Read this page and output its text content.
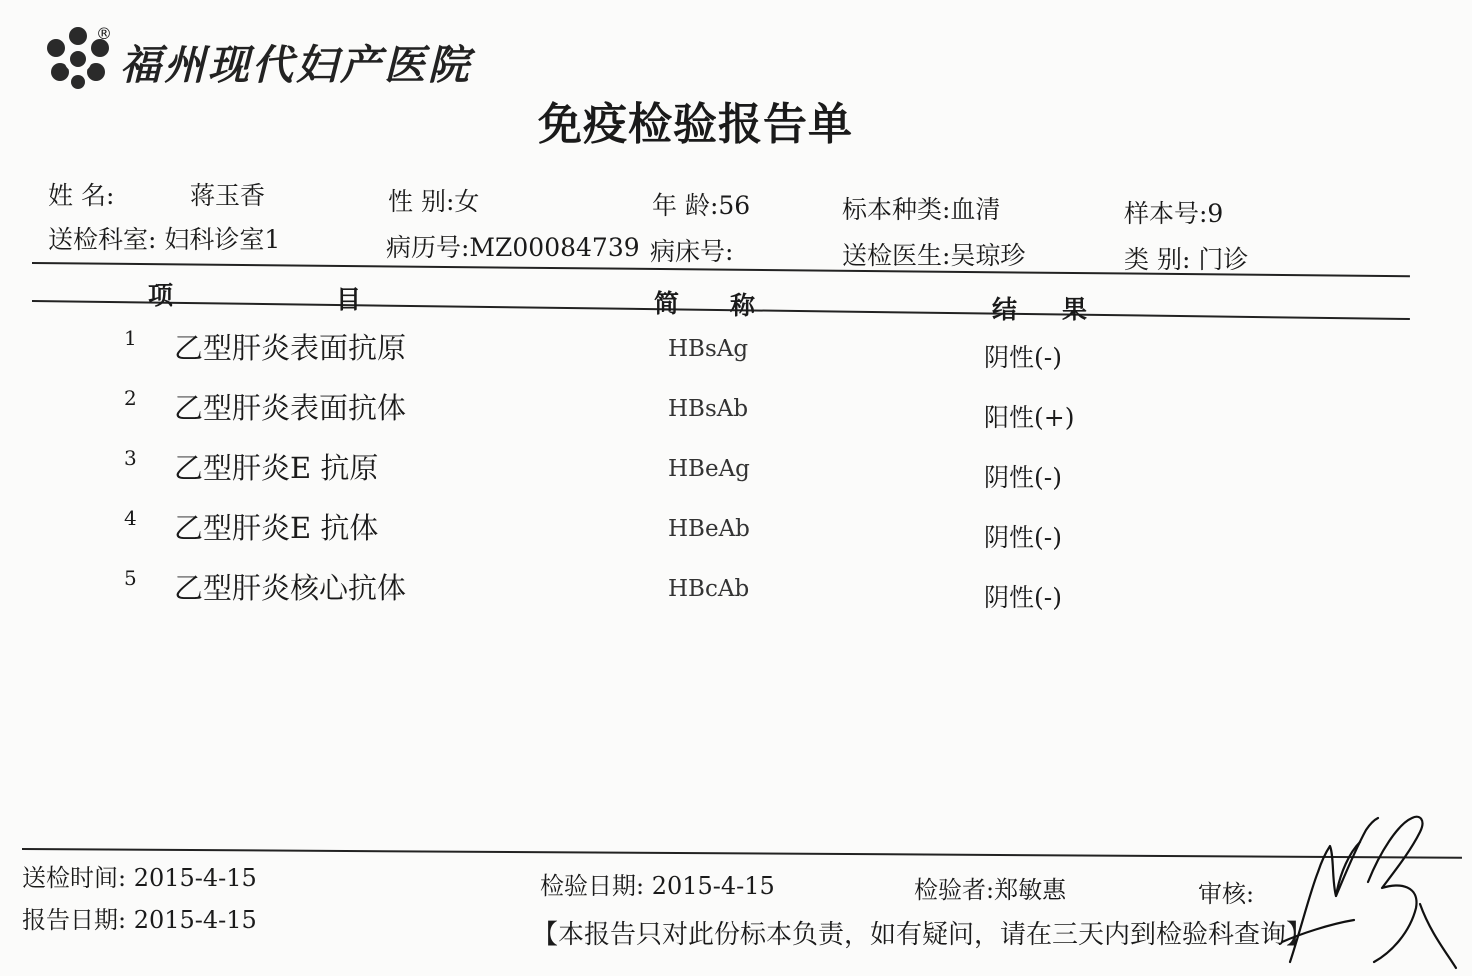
®
福州现代妇产医院
免疫检验报告单
姓 名:	蒋玉香	性 别:女	年 龄:56	标本种类:血清	样本号:9
送检科室: 妇科诊室1	病历号:MZ00084739 病床号:	送检医生:吴琼珍	类 别: 门诊
项	目	简 称	结 果
1 乙型肝炎表面抗原	HBsAg	阴性(-)
2 乙型肝炎表面抗体	HBsAb	阳性(+)
3 乙型肝炎E 抗原	HBeAg	阴性(-)
4 乙型肝炎E 抗体	HBeAb	阴性(-)
5 乙型肝炎核心抗体	HBcAb	阴性(-)
送检时间: 2015-4-15
报告日期: 2015-4-15
检验日期: 2015-4-15	检验者:郑敏惠	审核:
【本报告只对此份标本负责，如有疑问，请在三天内到检验科查询】
